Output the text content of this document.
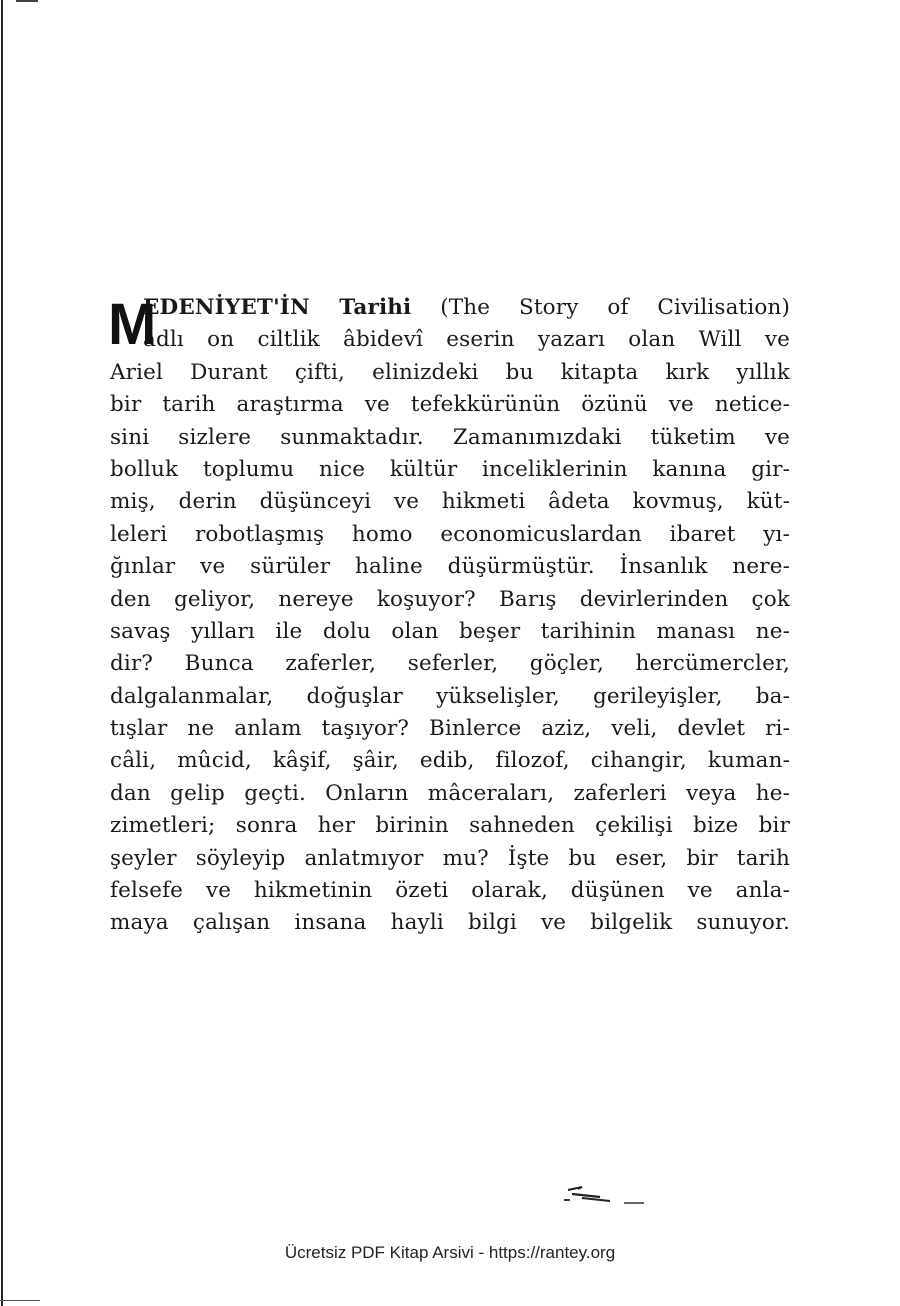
M
EDENİYET'İN Tarihi (The Story of Civilisation)
adlı on ciltlik âbidevî eserin yazarı olan Will ve
Ariel Durant çifti, elinizdeki bu kitapta kırk yıllık
bir tarih araştırma ve tefekkürünün özünü ve netice-
sini sizlere sunmaktadır. Zamanımızdaki tüketim ve
bolluk toplumu nice kültür inceliklerinin kanına gir-
miş, derin düşünceyi ve hikmeti âdeta kovmuş, küt-
leleri robotlaşmış homo economicuslardan ibaret yı-
ğınlar ve sürüler haline düşürmüştür. İnsanlık nere-
den geliyor, nereye koşuyor? Barış devirlerinden çok
savaş yılları ile dolu olan beşer tarihinin manası ne-
dir? Bunca zaferler, seferler, göçler, hercümercler,
dalgalanmalar, doğuşlar yükselişler, gerileyişler, ba-
tışlar ne anlam taşıyor? Binlerce aziz, veli, devlet ri-
câli, mûcid, kâşif, şâir, edib, filozof, cihangir, kuman-
dan gelip geçti. Onların mâceraları, zaferleri veya he-
zimetleri; sonra her birinin sahneden çekilişi bize bir
şeyler söyleyip anlatmıyor mu? İşte bu eser, bir tarih
felsefe ve hikmetinin özeti olarak, düşünen ve anla-
maya çalışan insana hayli bilgi ve bilgelik sunuyor.
Ücretsiz PDF Kitap Arsivi - https://rantey.org
